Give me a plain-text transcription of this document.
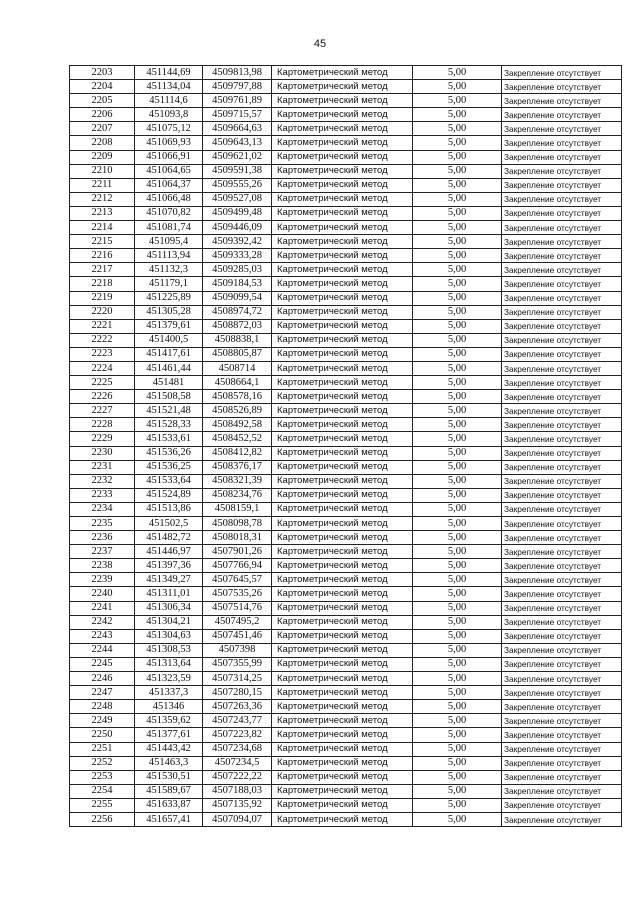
45
2203	451144,69	4509813,98	Картометрический метод	5,00	Закрепление отсутствует
2204	451134,04	4509797,88	Картометрический метод	5,00	Закрепление отсутствует
2205	451114,6	4509761,89	Картометрический метод	5,00	Закрепление отсутствует
2206	451093,8	4509715,57	Картометрический метод	5,00	Закрепление отсутствует
2207	451075,12	4509664,63	Картометрический метод	5,00	Закрепление отсутствует
2208	451069,93	4509643,13	Картометрический метод	5,00	Закрепление отсутствует
2209	451066,91	4509621,02	Картометрический метод	5,00	Закрепление отсутствует
2210	451064,65	4509591,38	Картометрический метод	5,00	Закрепление отсутствует
2211	451064,37	4509555,26	Картометрический метод	5,00	Закрепление отсутствует
2212	451066,48	4509527,08	Картометрический метод	5,00	Закрепление отсутствует
2213	451070,82	4509499,48	Картометрический метод	5,00	Закрепление отсутствует
2214	451081,74	4509446,09	Картометрический метод	5,00	Закрепление отсутствует
2215	451095,4	4509392,42	Картометрический метод	5,00	Закрепление отсутствует
2216	451113,94	4509333,28	Картометрический метод	5,00	Закрепление отсутствует
2217	451132,3	4509285,03	Картометрический метод	5,00	Закрепление отсутствует
2218	451179,1	4509184,53	Картометрический метод	5,00	Закрепление отсутствует
2219	451225,89	4509099,54	Картометрический метод	5,00	Закрепление отсутствует
2220	451305,28	4508974,72	Картометрический метод	5,00	Закрепление отсутствует
2221	451379,61	4508872,03	Картометрический метод	5,00	Закрепление отсутствует
2222	451400,5	4508838,1	Картометрический метод	5,00	Закрепление отсутствует
2223	451417,61	4508805,87	Картометрический метод	5,00	Закрепление отсутствует
2224	451461,44	4508714	Картометрический метод	5,00	Закрепление отсутствует
2225	451481	4508664,1	Картометрический метод	5,00	Закрепление отсутствует
2226	451508,58	4508578,16	Картометрический метод	5,00	Закрепление отсутствует
2227	451521,48	4508526,89	Картометрический метод	5,00	Закрепление отсутствует
2228	451528,33	4508492,58	Картометрический метод	5,00	Закрепление отсутствует
2229	451533,61	4508452,52	Картометрический метод	5,00	Закрепление отсутствует
2230	451536,26	4508412,82	Картометрический метод	5,00	Закрепление отсутствует
2231	451536,25	4508376,17	Картометрический метод	5,00	Закрепление отсутствует
2232	451533,64	4508321,39	Картометрический метод	5,00	Закрепление отсутствует
2233	451524,89	4508234,76	Картометрический метод	5,00	Закрепление отсутствует
2234	451513,86	4508159,1	Картометрический метод	5,00	Закрепление отсутствует
2235	451502,5	4508098,78	Картометрический метод	5,00	Закрепление отсутствует
2236	451482,72	4508018,31	Картометрический метод	5,00	Закрепление отсутствует
2237	451446,97	4507901,26	Картометрический метод	5,00	Закрепление отсутствует
2238	451397,36	4507766,94	Картометрический метод	5,00	Закрепление отсутствует
2239	451349,27	4507645,57	Картометрический метод	5,00	Закрепление отсутствует
2240	451311,01	4507535,26	Картометрический метод	5,00	Закрепление отсутствует
2241	451306,34	4507514,76	Картометрический метод	5,00	Закрепление отсутствует
2242	451304,21	4507495,2	Картометрический метод	5,00	Закрепление отсутствует
2243	451304,63	4507451,46	Картометрический метод	5,00	Закрепление отсутствует
2244	451308,53	4507398	Картометрический метод	5,00	Закрепление отсутствует
2245	451313,64	4507355,99	Картометрический метод	5,00	Закрепление отсутствует
2246	451323,59	4507314,25	Картометрический метод	5,00	Закрепление отсутствует
2247	451337,3	4507280,15	Картометрический метод	5,00	Закрепление отсутствует
2248	451346	4507263,36	Картометрический метод	5,00	Закрепление отсутствует
2249	451359,62	4507243,77	Картометрический метод	5,00	Закрепление отсутствует
2250	451377,61	4507223,82	Картометрический метод	5,00	Закрепление отсутствует
2251	451443,42	4507234,68	Картометрический метод	5,00	Закрепление отсутствует
2252	451463,3	4507234,5	Картометрический метод	5,00	Закрепление отсутствует
2253	451530,51	4507222,22	Картометрический метод	5,00	Закрепление отсутствует
2254	451589,67	4507188,03	Картометрический метод	5,00	Закрепление отсутствует
2255	451633,87	4507135,92	Картометрический метод	5,00	Закрепление отсутствует
2256	451657,41	4507094,07	Картометрический метод	5,00	Закрепление отсутствует
